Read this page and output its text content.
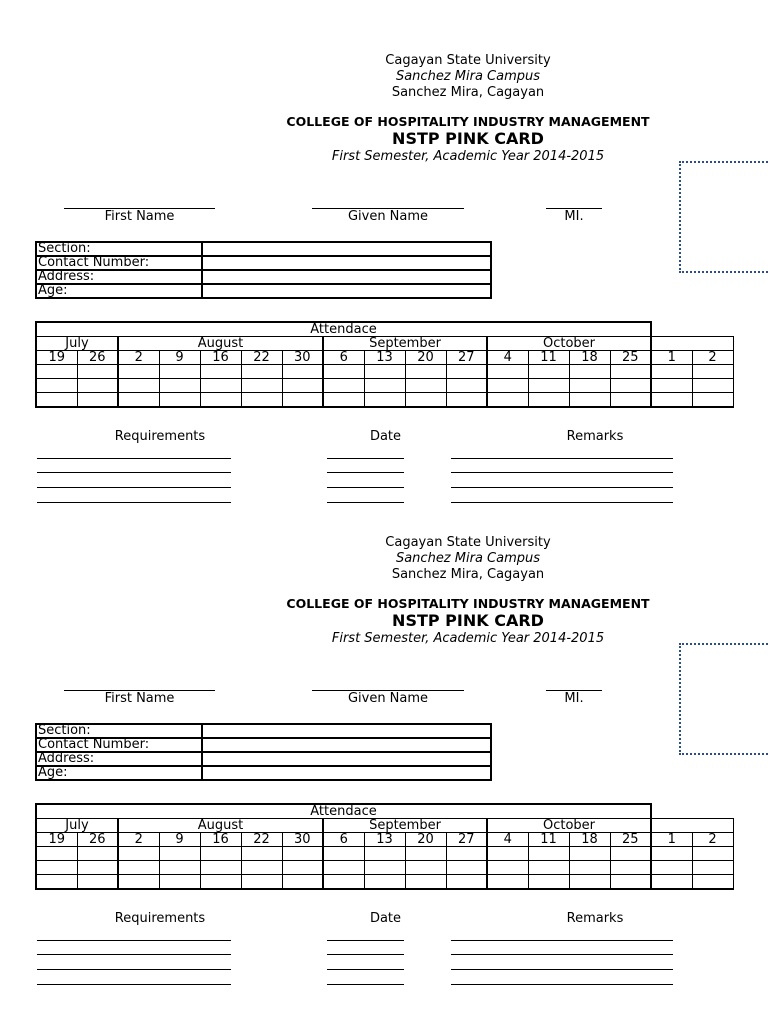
Cagayan State University
Sanchez Mira Campus
Sanchez Mira, Cagayan
COLLEGE OF HOSPITALITY INDUSTRY MANAGEMENT
NSTP PINK CARD
First Semester, Academic Year 2014-2015
First Name	Given Name	MI.
Section:	
Contact Number:	
Address:	
Age:	
Attendace																
July		August					September				October					
19	26	2	9	16	22	30	6	13	20	27	4	11	18	25	1	2

Requirements	Date	Remarks
Cagayan State University
Sanchez Mira Campus
Sanchez Mira, Cagayan
COLLEGE OF HOSPITALITY INDUSTRY MANAGEMENT
NSTP PINK CARD
First Semester, Academic Year 2014-2015
First Name	Given Name	MI.
Section:	
Contact Number:	
Address:	
Age:	
Attendace																
July		August					September				October					
19	26	2	9	16	22	30	6	13	20	27	4	11	18	25	1	2

Requirements	Date	Remarks
